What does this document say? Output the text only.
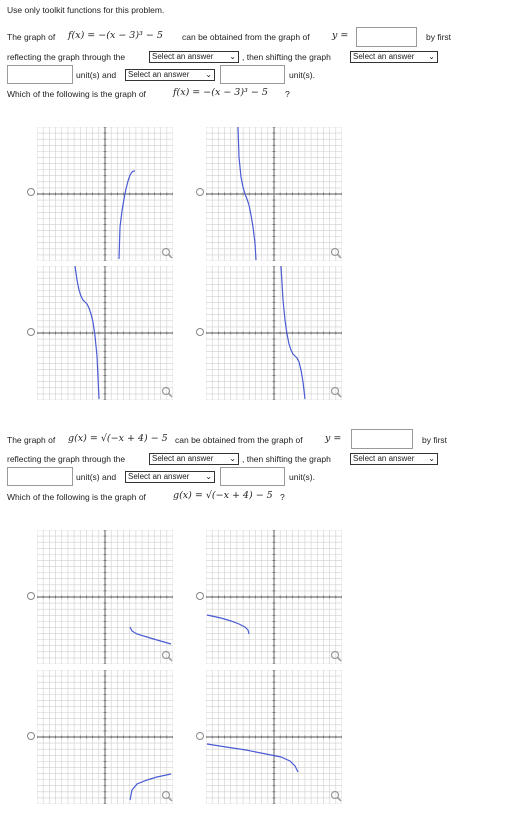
Use only toolkit functions for this problem.
The graph of f(x) = −(x − 3)³ − 5 can be obtained from the graph of y =	by first
reflecting the graph through the	Select an answer ⌄ , then shifting the graph	Select an answer ⌄
unit(s) and	Select an answer ⌄	unit(s).
Which of the following is the graph of	f(x) = −(x − 3)³ − 5 ?
The graph of g(x) = √(−x + 4) − 5 can be obtained from the graph of y =	by first
reflecting the graph through the	Select an answer ⌄ , then shifting the graph	Select an answer ⌄
unit(s) and	Select an answer ⌄	unit(s).
Which of the following is the graph of	g(x) = √(−x + 4) − 5 ?
